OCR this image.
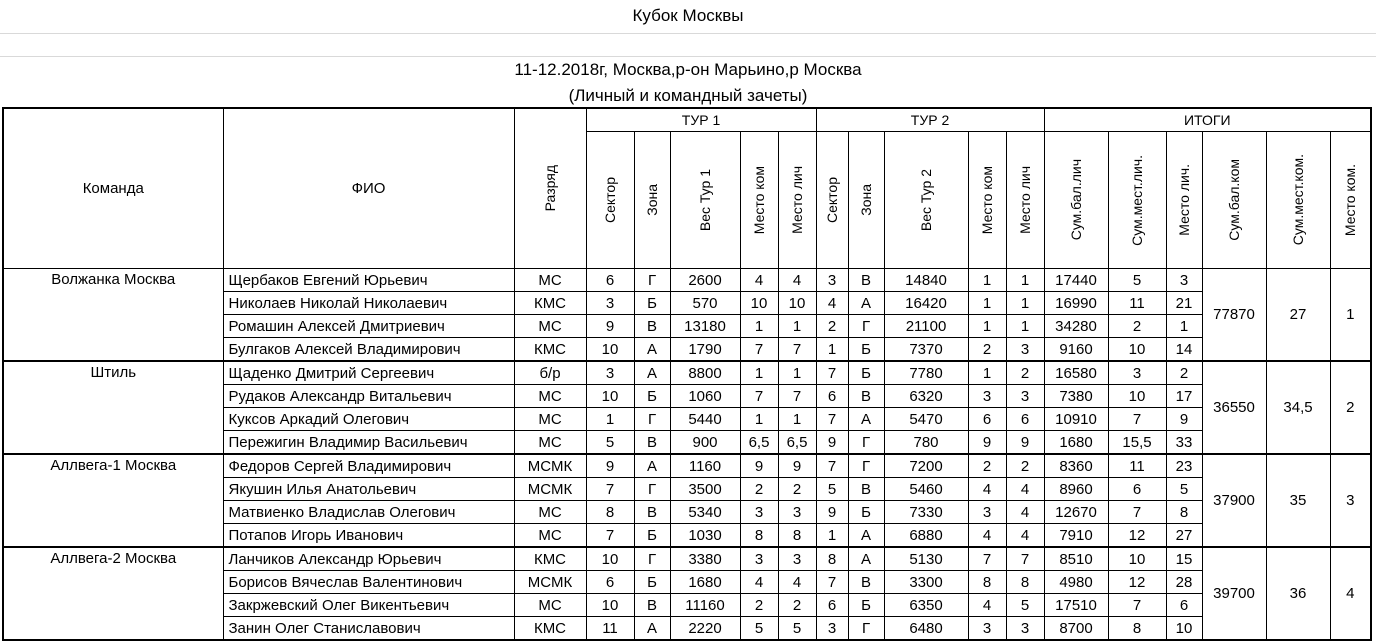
Кубок Москвы
11-12.2018г, Москва,р-он Марьино,р Москва
(Личный и командный зачеты)
Команда	ФИО	Разряд	ТУР 1					ТУР 2					ИТОГИ					

			Сектор	Зона	Вес Тур 1	Место ком	Место лич	Сектор	Зона	Вес Тур 2	Место ком	Место лич	Сум.бал.лич	Сум.мест.лич.	Место лич.	Сум.бал.ком	Сум.мест.ком.	Место ком.

Волжанка Москва	Щербаков Евгений Юрьевич	МС	6	Г	2600	4	4	3	В	14840	1	1	17440	5	3	77870	27	1
	Николаев Николай Николаевич	КМС	3	Б	570	10	10	4	А	16420	1	1	16990	11	21			
	Ромашин Алексей Дмитриевич	МС	9	В	13180	1	1	2	Г	21100	1	1	34280	2	1			
	Булгаков Алексей Владимирович	КМС	10	А	1790	7	7	1	Б	7370	2	3	9160	10	14			
Штиль	Щаденко Дмитрий Сергеевич	б/р	3	А	8800	1	1	7	Б	7780	1	2	16580	3	2	36550	34,5	2
	Рудаков Александр Витальевич	МС	10	Б	1060	7	7	6	В	6320	3	3	7380	10	17			
	Куксов Аркадий Олегович	МС	1	Г	5440	1	1	7	А	5470	6	6	10910	7	9			
	Пережигин Владимир Васильевич	МС	5	В	900	6,5	6,5	9	Г	780	9	9	1680	15,5	33			
Аллвега-1 Москва	Федоров Сергей Владимирович	МСМК	9	А	1160	9	9	7	Г	7200	2	2	8360	11	23	37900	35	3
	Якушин Илья Анатольевич	МСМК	7	Г	3500	2	2	5	В	5460	4	4	8960	6	5			
	Матвиенко Владислав Олегович	МС	8	В	5340	3	3	9	Б	7330	3	4	12670	7	8			
	Потапов Игорь Иванович	МС	7	Б	1030	8	8	1	А	6880	4	4	7910	12	27			
Аллвега-2 Москва	Ланчиков Александр Юрьевич	КМС	10	Г	3380	3	3	8	А	5130	7	7	8510	10	15	39700	36	4
	Борисов Вячеслав Валентинович	МСМК	6	Б	1680	4	4	7	В	3300	8	8	4980	12	28			
	Закржевский Олег Викентьевич	МС	10	В	11160	2	2	6	Б	6350	4	5	17510	7	6			
	Занин Олег Станиславович	КМС	11	А	2220	5	5	3	Г	6480	3	3	8700	8	10			
